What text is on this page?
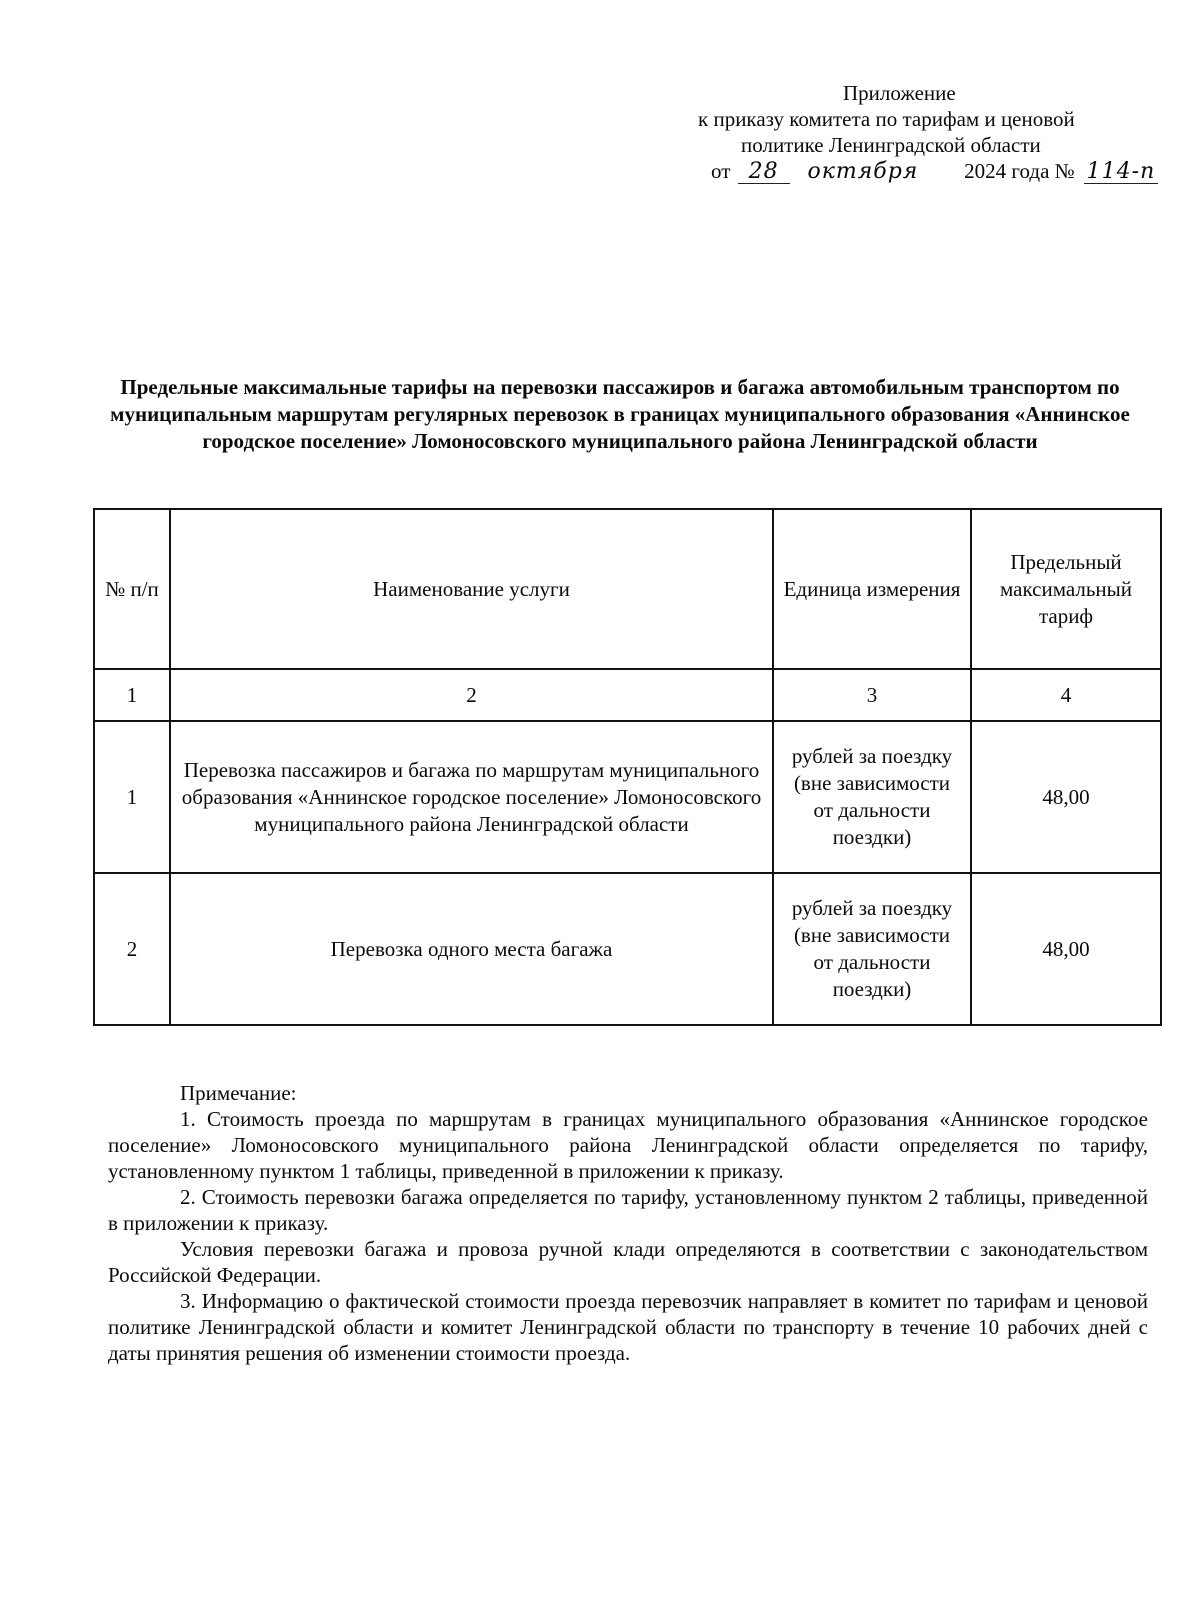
Приложение
к приказу комитета по тарифам и ценовой
политике Ленинградской области
от 28 октября 2024 года № 114-п
Предельные максимальные тарифы на перевозки пассажиров и багажа автомобильным транспортом по муниципальным маршрутам регулярных перевозок в границах муниципального образования «Аннинское городское поселение» Ломоносовского муниципального района Ленинградской области
№ п/п	Наименование услуги	Единица измерения	Предельный максимальный тариф
1	2	3	4
1	Перевозка пассажиров и багажа по маршрутам муниципального образования «Аннинское городское поселение» Ломоносовского муниципального района Ленинградской области	рублей за поездку (вне зависимости от дальности поездки)	48,00
2	Перевозка одного места багажа	рублей за поездку (вне зависимости от дальности поездки)	48,00

Примечание:

1. Стоимость проезда по маршрутам в границах муниципального образования «Аннинское городское поселение» Ломоносовского муниципального района Ленинградской области определяется по тарифу, установленному пунктом 1 таблицы, приведенной в приложении к приказу.

2. Стоимость перевозки багажа определяется по тарифу, установленному пунктом 2 таблицы, приведенной в приложении к приказу.

Условия перевозки багажа и провоза ручной клади определяются в соответствии с законодательством Российской Федерации.

3. Информацию о фактической стоимости проезда перевозчик направляет в комитет по тарифам и ценовой политике Ленинградской области и комитет Ленинградской области по транспорту в течение 10 рабочих дней с даты принятия решения об изменении стоимости проезда.
